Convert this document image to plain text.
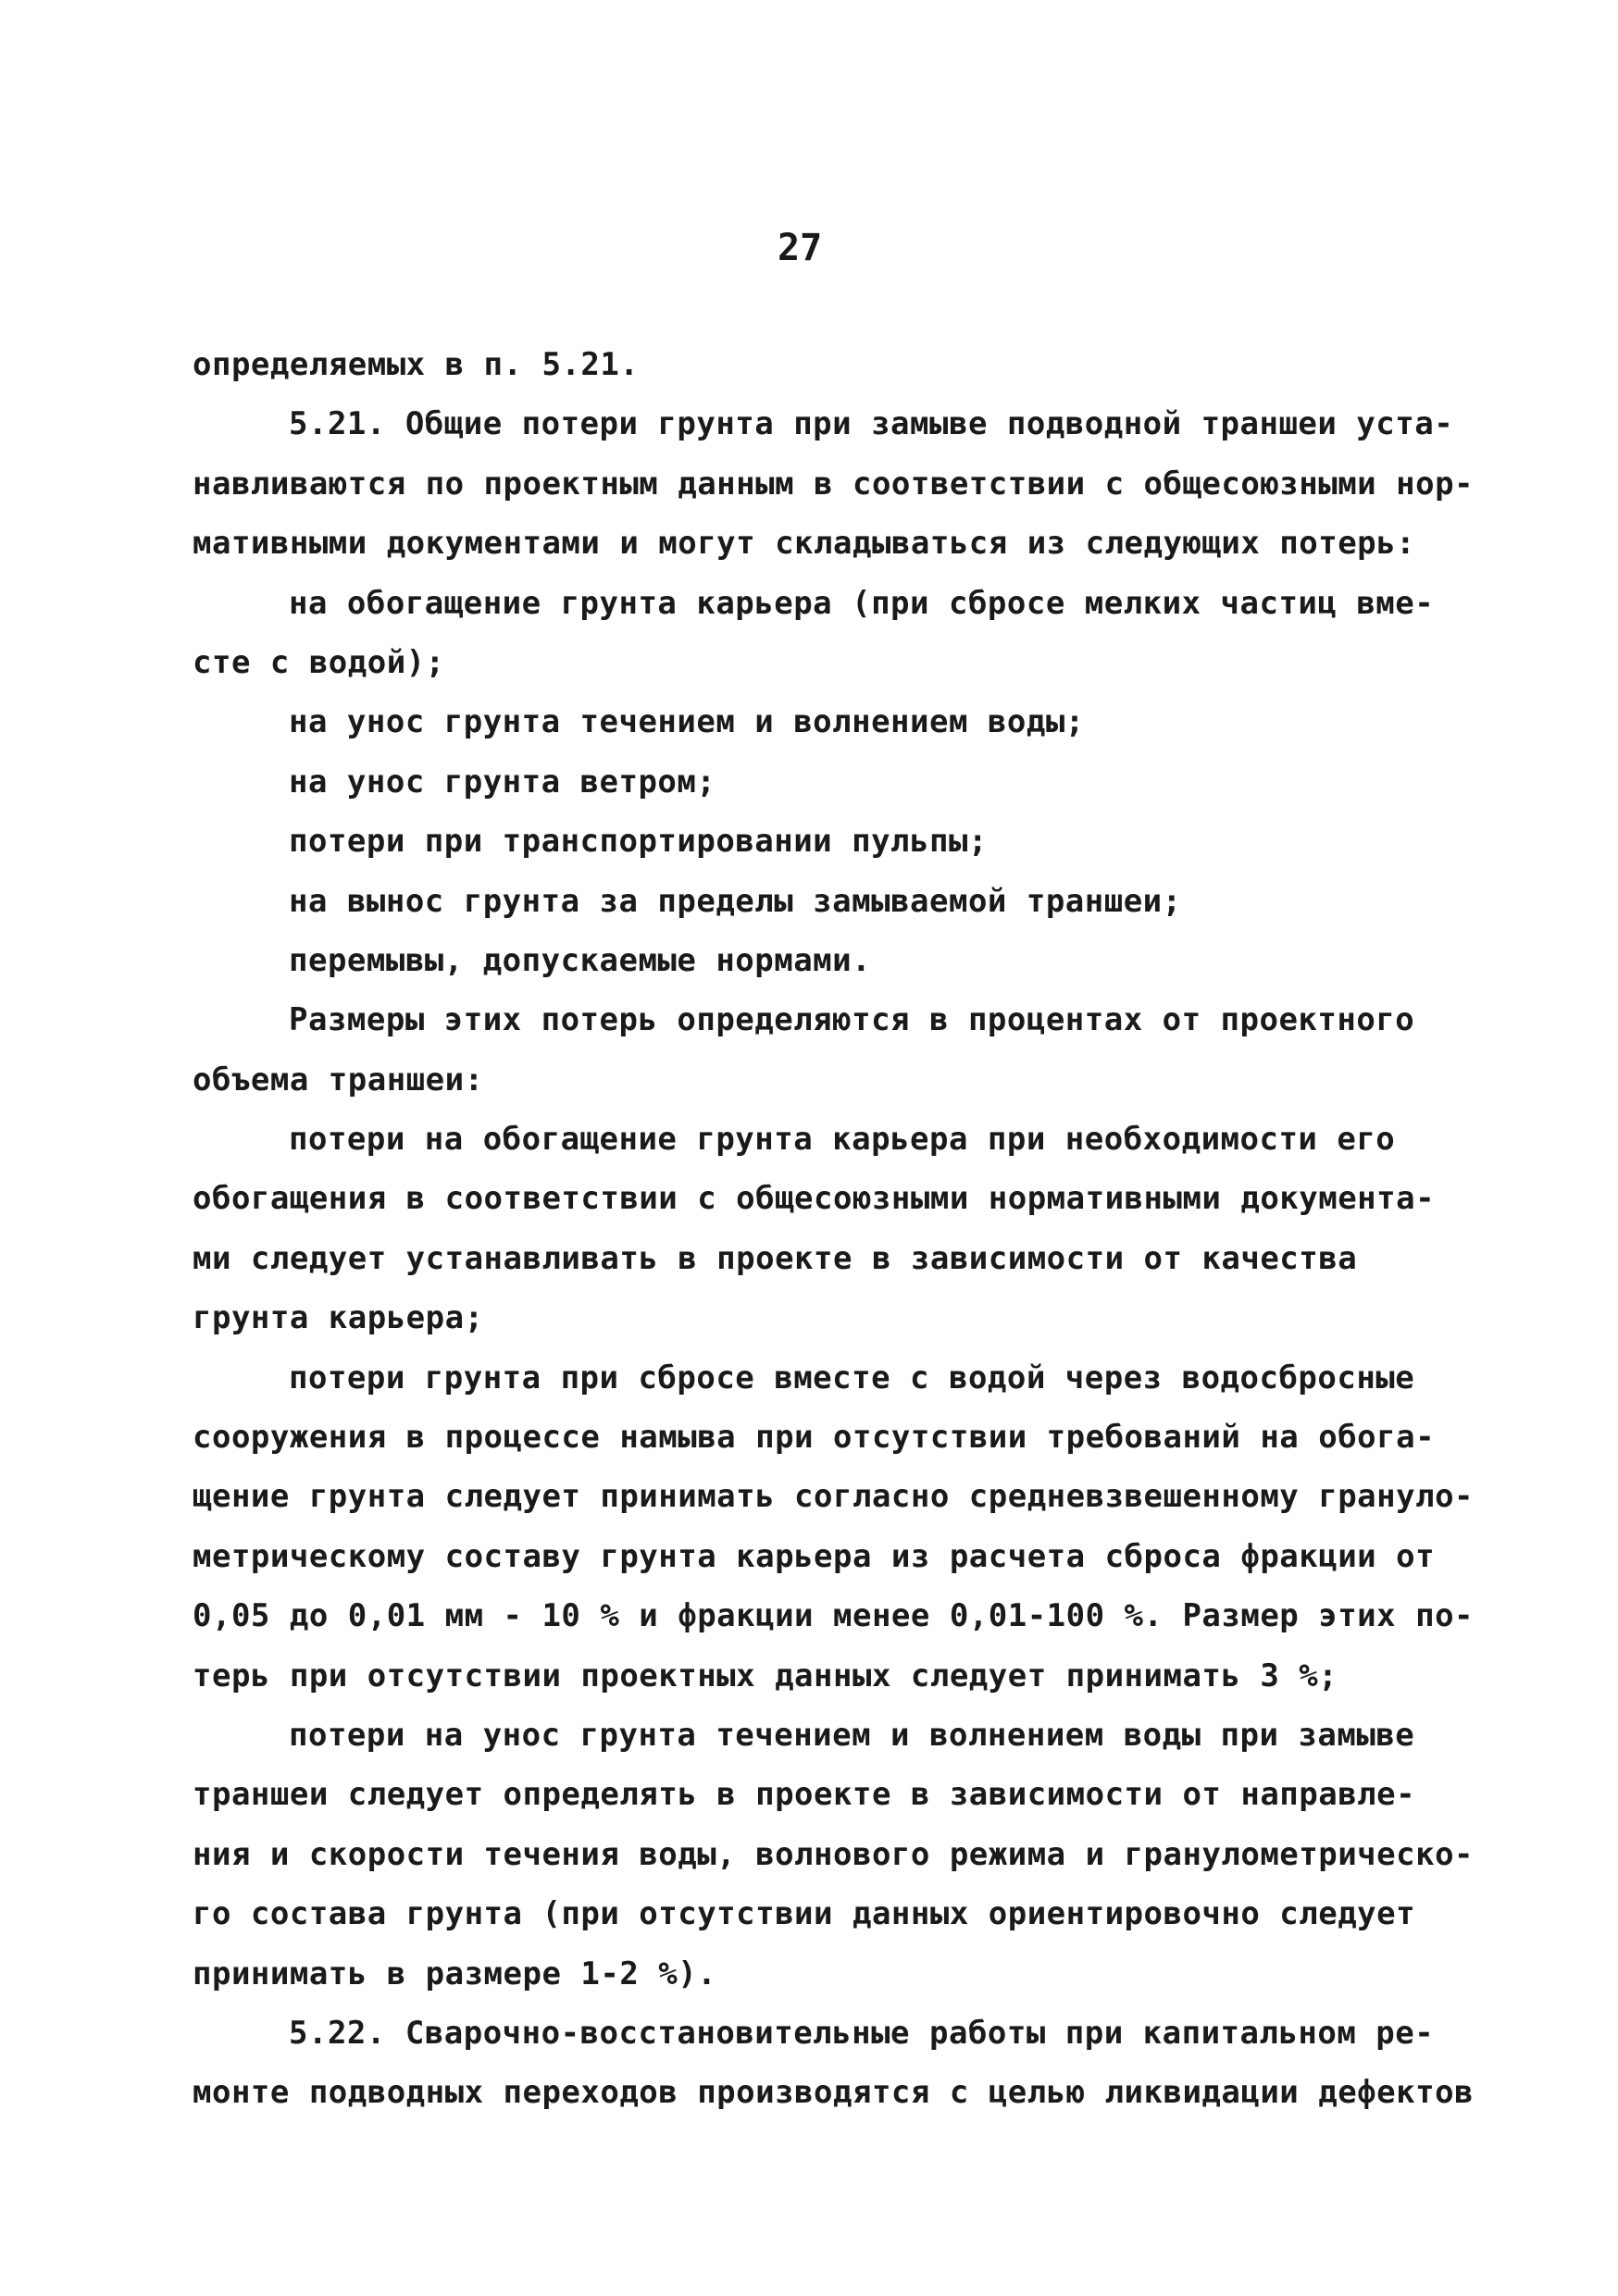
27
определяемых в п. 5.21.
5.21. Общие потери грунта при замыве подводной траншеи уста-
навливаются по проектным данным в соответствии с общесоюзными нор-
мативными документами и могут складываться из следующих потерь:
на обогащение грунта карьера (при сбросе мелких частиц вме-
сте с водой);
на унос грунта течением и волнением воды;
на унос грунта ветром;
потери при транспортировании пульпы;
на вынос грунта за пределы замываемой траншеи;
перемывы, допускаемые нормами.
Размеры этих потерь определяются в процентах от проектного
объема траншеи:
потери на обогащение грунта карьера при необходимости его
обогащения в соответствии с общесоюзными нормативными документа-
ми следует устанавливать в проекте в зависимости от качества
грунта карьера;
потери грунта при сбросе вместе с водой через водосбросные
сооружения в процессе намыва при отсутствии требований на обога-
щение грунта следует принимать согласно средневзвешенному грануло-
метрическому составу грунта карьера из расчета сброса фракции от
0,05 до 0,01 мм - 10 % и фракции менее 0,01-100 %. Размер этих по-
терь при отсутствии проектных данных следует принимать 3 %;
потери на унос грунта течением и волнением воды при замыве
траншеи следует определять в проекте в зависимости от направле-
ния и скорости течения воды, волнового режима и гранулометрическо-
го состава грунта (при отсутствии данных ориентировочно следует
принимать в размере 1-2 %).
5.22. Сварочно-восстановительные работы при капитальном ре-
монте подводных переходов производятся с целью ликвидации дефектов
